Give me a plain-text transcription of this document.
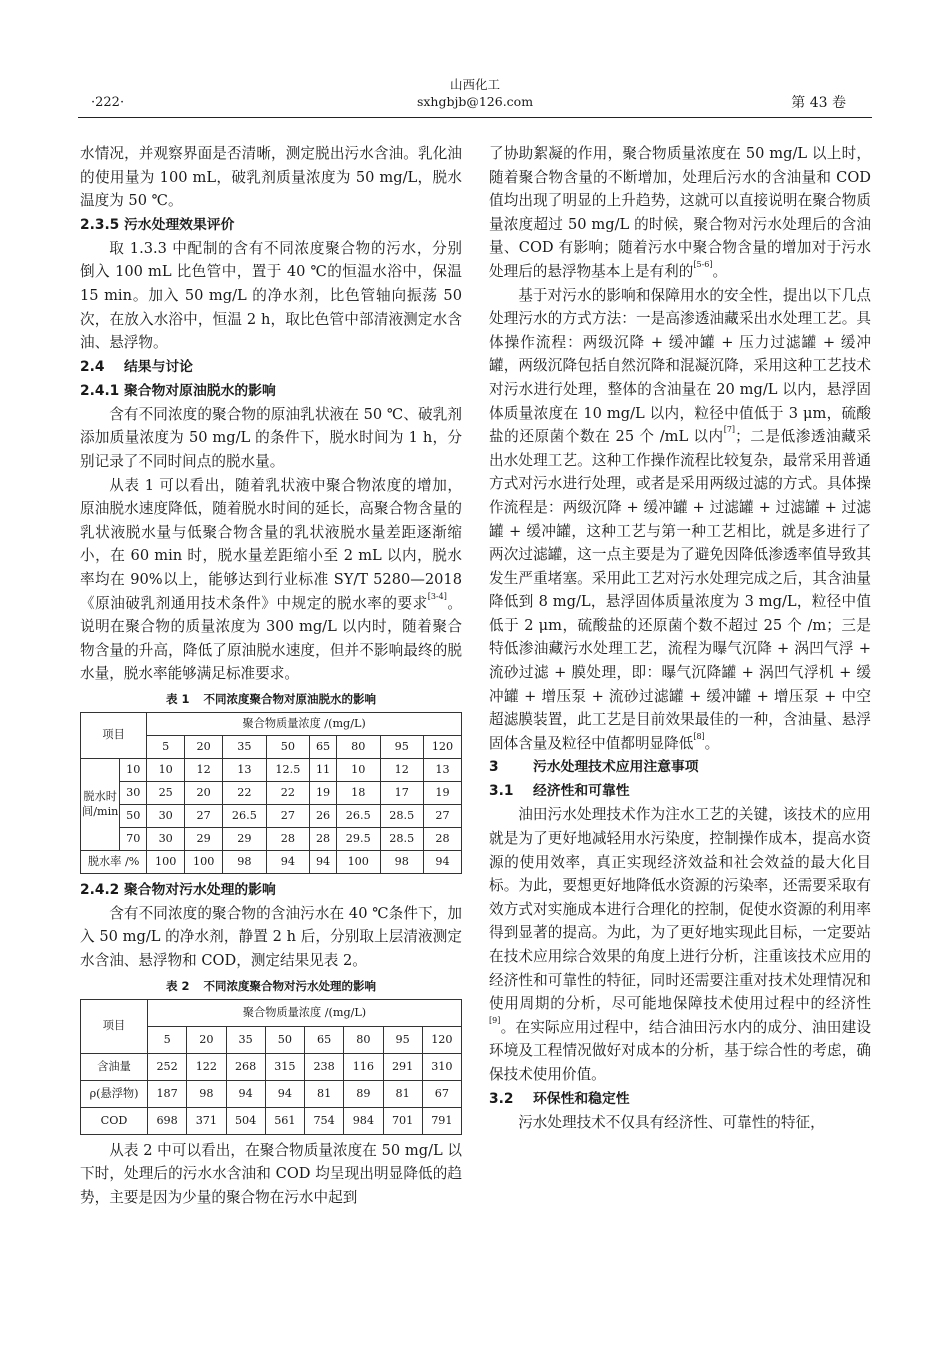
·222·
山西化工
sxhgbjb@126.com	第 43 卷

水情况，并观察界面是否清晰，测定脱出污水含油。乳化油的使用量为 100 mL，破乳剂质量浓度为 50 mg/L，脱水温度为 50 ℃。

2.3.5 污水处理效果评价

取 1.3.3 中配制的含有不同浓度聚合物的污水，分别倒入 100 mL 比色管中，置于 40 ℃的恒温水浴中，保温 15 min。加入 50 mg/L 的净水剂，比色管轴向振荡 50 次，在放入水浴中，恒温 2 h，取比色管中部清液测定水含油、悬浮物。

2.4 结果与讨论
2.4.1 聚合物对原油脱水的影响

含有不同浓度的聚合物的原油乳状液在 50 ℃、破乳剂添加质量浓度为 50 mg/L 的条件下，脱水时间为 1 h，分别记录了不同时间点的脱水量。

从表 1 可以看出，随着乳状液中聚合物浓度的增加，原油脱水速度降低，随着脱水时间的延长，高聚合物含量的乳状液脱水量与低聚合物含量的乳状液脱水量差距逐渐缩小，在 60 min 时，脱水量差距缩小至 2 mL 以内，脱水率均在 90%以上，能够达到行业标准 SY/T 5280—2018《原油破乳剂通用技术条件》中规定的脱水率的要求[3-4]。说明在聚合物的质量浓度为 300 mg/L 以内时，随着聚合物含量的升高，降低了原油脱水速度，但并不影响最终的脱水量，脱水率能够满足标准要求。

表 1 不同浓度聚合物对原油脱水的影响
项目		聚合物质量浓度 /(mg/L)							
		5	20	35	50	65	80	95	120
脱水时间/min	10	10	12	13	12.5	11	10	12	13
	30	25	20	22	22	19	18	17	19
	50	30	27	26.5	27	26	26.5	28.5	27
	70	30	29	29	28	28	29.5	28.5	28
脱水率 /%		100	100	98	94	94	100	98	94
2.4.2 聚合物对污水处理的影响

含有不同浓度的聚合物的含油污水在 40 ℃条件下，加入 50 mg/L 的净水剂，静置 2 h 后，分别取上层清液测定水含油、悬浮物和 COD，测定结果见表 2。

表 2 不同浓度聚合物对污水处理的影响
项目	聚合物质量浓度 /(mg/L)							
	5	20	35	50	65	80	95	120
含油量	252	122	268	315	238	116	291	310
ρ(悬浮物)	187	98	94	94	81	89	81	67
COD	698	371	504	561	754	984	701	791

从表 2 中可以看出，在聚合物质量浓度在 50 mg/L 以下时，处理后的污水水含油和 COD 均呈现出明显降低的趋势，主要是因为少量的聚合物在污水中起到

了协助絮凝的作用，聚合物质量浓度在 50 mg/L 以上时，随着聚合物含量的不断增加，处理后污水的含油量和 COD 值均出现了明显的上升趋势，这就可以直接说明在聚合物质量浓度超过 50 mg/L 的时候，聚合物对污水处理后的含油量、COD 有影响；随着污水中聚合物含量的增加对于污水处理后的悬浮物基本上是有利的[5-6]。

基于对污水的影响和保障用水的安全性，提出以下几点处理污水的方式方法：一是高渗透油藏采出水处理工艺。具体操作流程：两级沉降 + 缓冲罐 + 压力过滤罐 + 缓冲罐，两级沉降包括自然沉降和混凝沉降，采用这种工艺技术对污水进行处理，整体的含油量在 20 mg/L 以内，悬浮固体质量浓度在 10 mg/L 以内，粒径中值低于 3 μm，硫酸盐的还原菌个数在 25 个 /mL 以内[7]；二是低渗透油藏采出水处理工艺。这种工作操作流程比较复杂，最常采用普通方式对污水进行处理，或者是采用两级过滤的方式。具体操作流程是：两级沉降 + 缓冲罐 + 过滤罐 + 过滤罐 + 过滤罐 + 缓冲罐，这种工艺与第一种工艺相比，就是多进行了两次过滤罐，这一点主要是为了避免因降低渗透率值导致其发生严重堵塞。采用此工艺对污水处理完成之后，其含油量降低到 8 mg/L，悬浮固体质量浓度为 3 mg/L，粒径中值低于 2 μm，硫酸盐的还原菌个数不超过 25 个 /m；三是特低渗油藏污水处理工艺，流程为曝气沉降 + 涡凹气浮 + 流砂过滤 + 膜处理，即：曝气沉降罐 + 涡凹气浮机 + 缓冲罐 + 增压泵 + 流砂过滤罐 + 缓冲罐 + 增压泵 + 中空超滤膜装置，此工艺是目前效果最佳的一种，含油量、悬浮固体含量及粒径中值都明显降低[8]。

3 污水处理技术应用注意事项
3.1 经济性和可靠性

油田污水处理技术作为注水工艺的关键，该技术的应用就是为了更好地减轻用水污染度，控制操作成本，提高水资源的使用效率，真正实现经济效益和社会效益的最大化目标。为此，要想更好地降低水资源的污染率，还需要采取有效方式对实施成本进行合理化的控制，促使水资源的利用率得到显著的提高。为此，为了更好地实现此目标，一定要站在技术应用综合效果的角度上进行分析，注重该技术应用的经济性和可靠性的特征，同时还需要注重对技术处理情况和使用周期的分析，尽可能地保障技术使用过程中的经济性[9]。在实际应用过程中，结合油田污水内的成分、油田建设环境及工程情况做好对成本的分析，基于综合性的考虑，确保技术使用价值。

3.2 环保性和稳定性

污水处理技术不仅具有经济性、可靠性的特征，
